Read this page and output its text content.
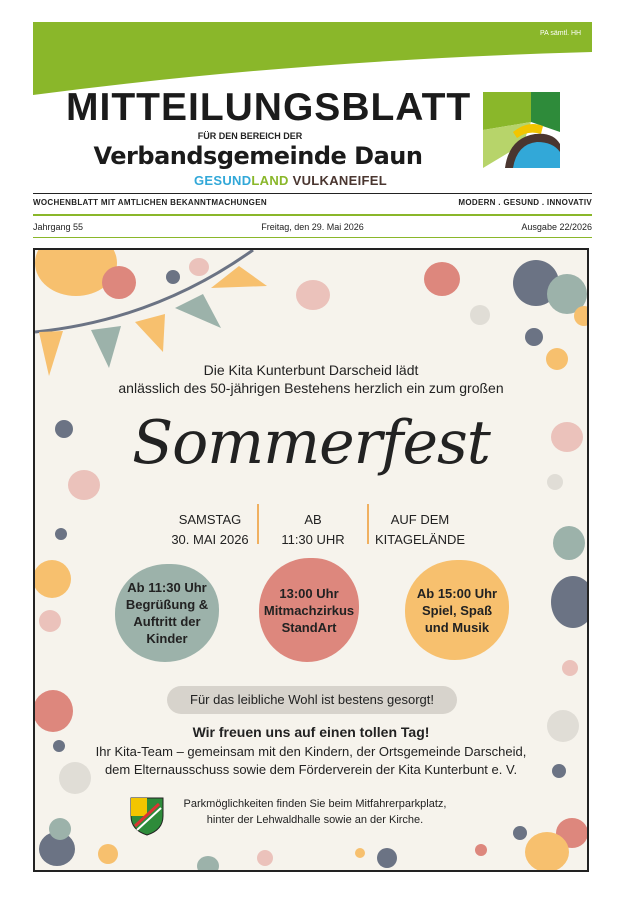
PA sämtl. HH
MITTEILUNGSBLATT
FÜR DEN BEREICH DER
Verbandsgemeinde Daun
GESUNDLAND VULKANEIFEL
WOCHENBLATT MIT AMTLICHEN BEKANNTMACHUNGEN	MODERN . GESUND . INNOVATIV
Jahrgang 55	Freitag, den 29. Mai 2026	Ausgabe 22/2026
Die Kita Kunterbunt Darscheid lädt
anlässlich des 50-jährigen Bestehens herzlich ein zum großen
Sommerfest
SAMSTAG
30. MAI 2026
AB
11:30 UHR
AUF DEM
KITAGELÄNDE
Ab 11:30 Uhr Begrüßung & Auftritt der Kinder
13:00 Uhr Mitmachzirkus StandArt
Ab 15:00 Uhr Spiel, Spaß und Musik
Für das leibliche Wohl ist bestens gesorgt!
Wir freuen uns auf einen tollen Tag!
Ihr Kita-Team – gemeinsam mit den Kindern, der Ortsgemeinde Darscheid,
dem Elternausschuss sowie dem Förderverein der Kita Kunterbunt e. V.
Parkmöglichkeiten finden Sie beim Mitfahrerparkplatz,
hinter der Lehwaldhalle sowie an der Kirche.
